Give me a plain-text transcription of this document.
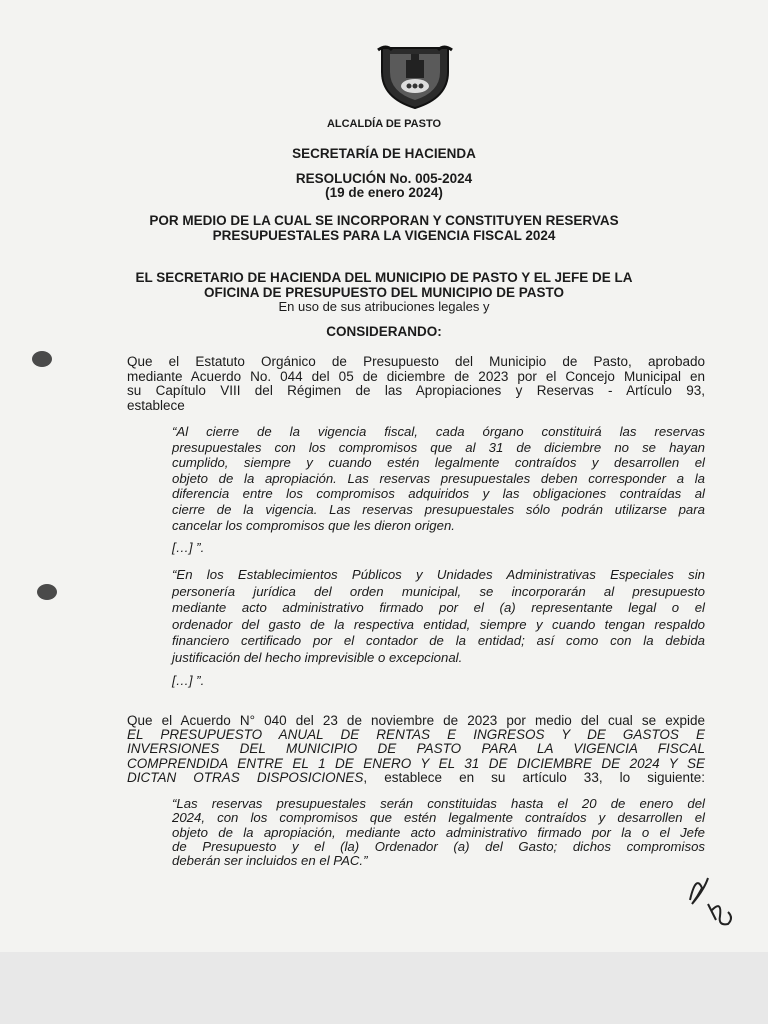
ALCALDÍA DE PASTO
SECRETARÍA DE HACIENDA
RESOLUCIÓN No. 005-2024
(19 de enero 2024)
POR MEDIO DE LA CUAL SE INCORPORAN Y CONSTITUYEN RESERVAS
PRESUPUESTALES PARA LA VIGENCIA FISCAL 2024
EL SECRETARIO DE HACIENDA DEL MUNICIPIO DE PASTO Y EL JEFE DE LA
OFICINA DE PRESUPUESTO DEL MUNICIPIO DE PASTO
En uso de sus atribuciones legales y
CONSIDERANDO:
Que el Estatuto Orgánico de Presupuesto del Municipio de Pasto, aprobado
mediante Acuerdo No. 044 del 05 de diciembre de 2023 por el Concejo Municipal en
su Capítulo VIII del Régimen de las Apropiaciones y Reservas - Artículo 93,
establece
“Al cierre de la vigencia fiscal, cada órgano constituirá las reservas
presupuestales con los compromisos que al 31 de diciembre no se hayan
cumplido, siempre y cuando estén legalmente contraídos y desarrollen el
objeto de la apropiación. Las reservas presupuestales deben corresponder a la
diferencia entre los compromisos adquiridos y las obligaciones contraídas al
cierre de la vigencia. Las reservas presupuestales sólo podrán utilizarse para
cancelar los compromisos que les dieron origen.
[…] ”.
“En los Establecimientos Públicos y Unidades Administrativas Especiales sin
personería jurídica del orden municipal, se incorporarán al presupuesto
mediante acto administrativo firmado por el (a) representante legal o el
ordenador del gasto de la respectiva entidad, siempre y cuando tengan respaldo
financiero certificado por el contador de la entidad; así como con la debida
justificación del hecho imprevisible o excepcional.
[…] ”.
Que el Acuerdo N° 040 del 23 de noviembre de 2023 por medio del cual se expide
EL PRESUPUESTO ANUAL DE RENTAS E INGRESOS Y DE GASTOS E
INVERSIONES DEL MUNICIPIO DE PASTO PARA LA VIGENCIA FISCAL
COMPRENDIDA ENTRE EL 1 DE ENERO Y EL 31 DE DICIEMBRE DE 2024 Y SE
DICTAN OTRAS DISPOSICIONES, establece en su artículo 33, lo siguiente:
“Las reservas presupuestales serán constituidas hasta el 20 de enero del
2024, con los compromisos que estén legalmente contraídos y desarrollen el
objeto de la apropiación, mediante acto administrativo firmado por la o el Jefe
de Presupuesto y el (la) Ordenador (a) del Gasto; dichos compromisos
deberán ser incluidos en el PAC.”
